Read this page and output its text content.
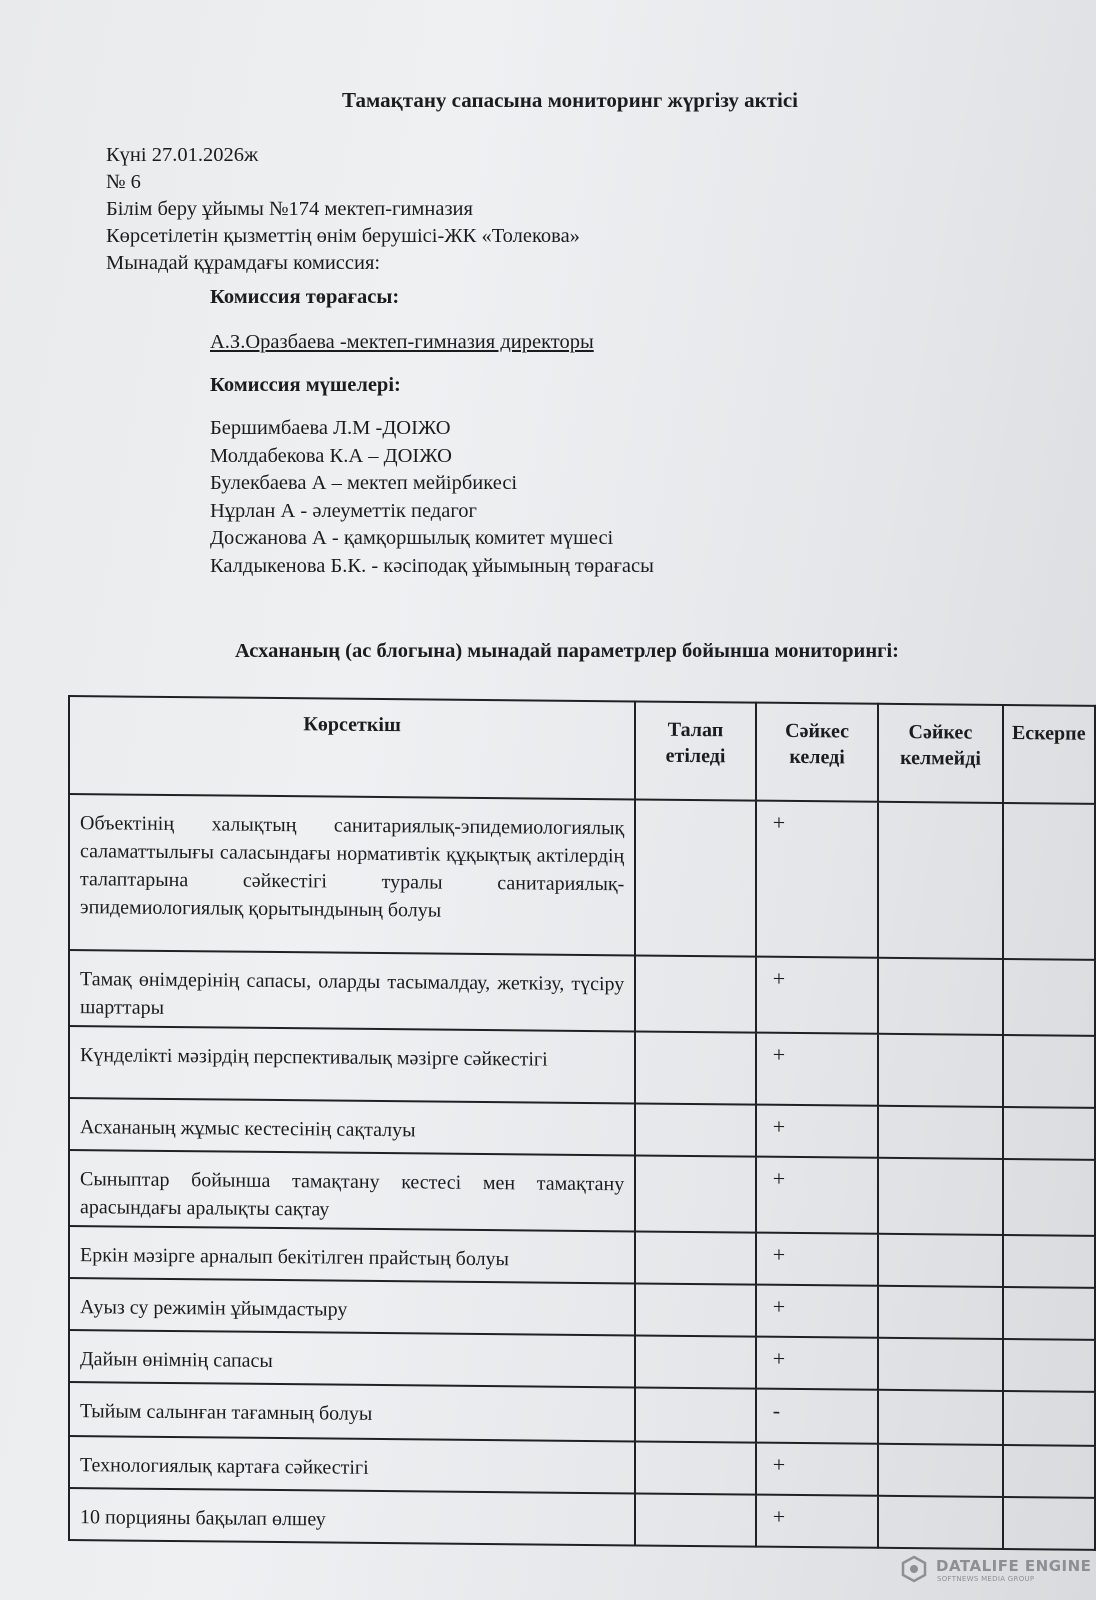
Тамақтану сапасына мониторинг жүргізу актісі
Күні 27.01.2026ж
№ 6
Білім беру ұйымы №174 мектеп-гимназия
Көрсетілетін қызметтің өнім берушісі-ЖК «Толекова»
Мынадай құрамдағы комиссия:
Комиссия төрағасы:
А.З.Оразбаева -мектеп-гимназия директоры
Комиссия мүшелері:
Бершимбаева Л.М -ДОІЖО
Молдабекова К.А – ДОІЖО
Булекбаева А – мектеп мейірбикесі
Нұрлан А - әлеуметтік педагог
Досжанова А - қамқоршылық комитет мүшесі
Калдыкенова Б.К. - кәсіподақ ұйымының төрағасы
Асхананың (ас блогына) мынадай параметрлер бойынша мониторингі:
Көрсеткіш	Талап етіледі	Сәйкес келеді	Сәйкес келмейді	Ескерпе
Объектінің халықтың санитариялық-эпидемиологиялық саламаттылығы саласындағы нормативтік құқықтық актілердің талаптарына сәйкестігі туралы санитариялық-эпидемиологиялық қорытындының болуы		+		
Тамақ өнімдерінің сапасы, оларды тасымалдау, жеткізу, түсіру шарттары		+		
Күнделікті мәзірдің перспективалық мәзірге сәйкестігі		+		
Асхананың жұмыс кестесінің сақталуы		+		
Сыныптар бойынша тамақтану кестесі мен тамақтану арасындағы аралықты сақтау		+		
Еркін мәзірге арналып бекітілген прайстың болуы		+		
Ауыз су режимін ұйымдастыру		+		
Дайын өнімнің сапасы		+		
Тыйым салынған тағамның болуы		-		
Технологиялық картаға сәйкестігі		+		
10 порцияны бақылап өлшеу		+		
DATALIFE ENGINE
SOFTNEWS MEDIA GROUP
